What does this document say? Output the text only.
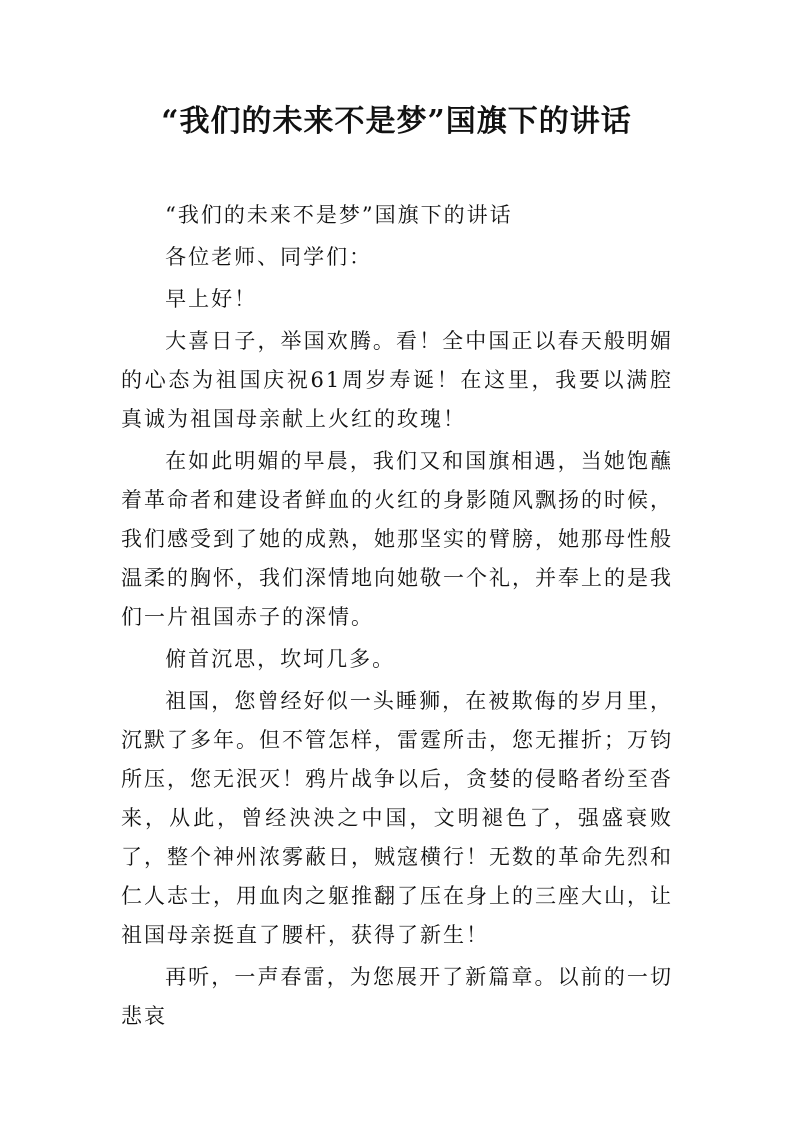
“我们的未来不是梦”国旗下的讲话

“我们的未来不是梦”国旗下的讲话

各位老师、同学们：

早上好！

大喜日子，举国欢腾。看！全中国正以春天般明媚的心态为祖国庆祝61周岁寿诞！在这里，我要以满腔真诚为祖国母亲献上火红的玫瑰！

在如此明媚的早晨，我们又和国旗相遇，当她饱蘸着革命者和建设者鲜血的火红的身影随风飘扬的时候，我们感受到了她的成熟，她那坚实的臂膀，她那母性般温柔的胸怀，我们深情地向她敬一个礼，并奉上的是我们一片祖国赤子的深情。

俯首沉思，坎坷几多。

祖国，您曾经好似一头睡狮，在被欺侮的岁月里，沉默了多年。但不管怎样，雷霆所击，您无摧折；万钧所压，您无泯灭！鸦片战争以后，贪婪的侵略者纷至沓来，从此，曾经泱泱之中国，文明褪色了，强盛衰败了，整个神州浓雾蔽日，贼寇横行！无数的革命先烈和仁人志士，用血肉之躯推翻了压在身上的三座大山，让祖国母亲挺直了腰杆，获得了新生！

再听，一声春雷，为您展开了新篇章。以前的一切悲哀
